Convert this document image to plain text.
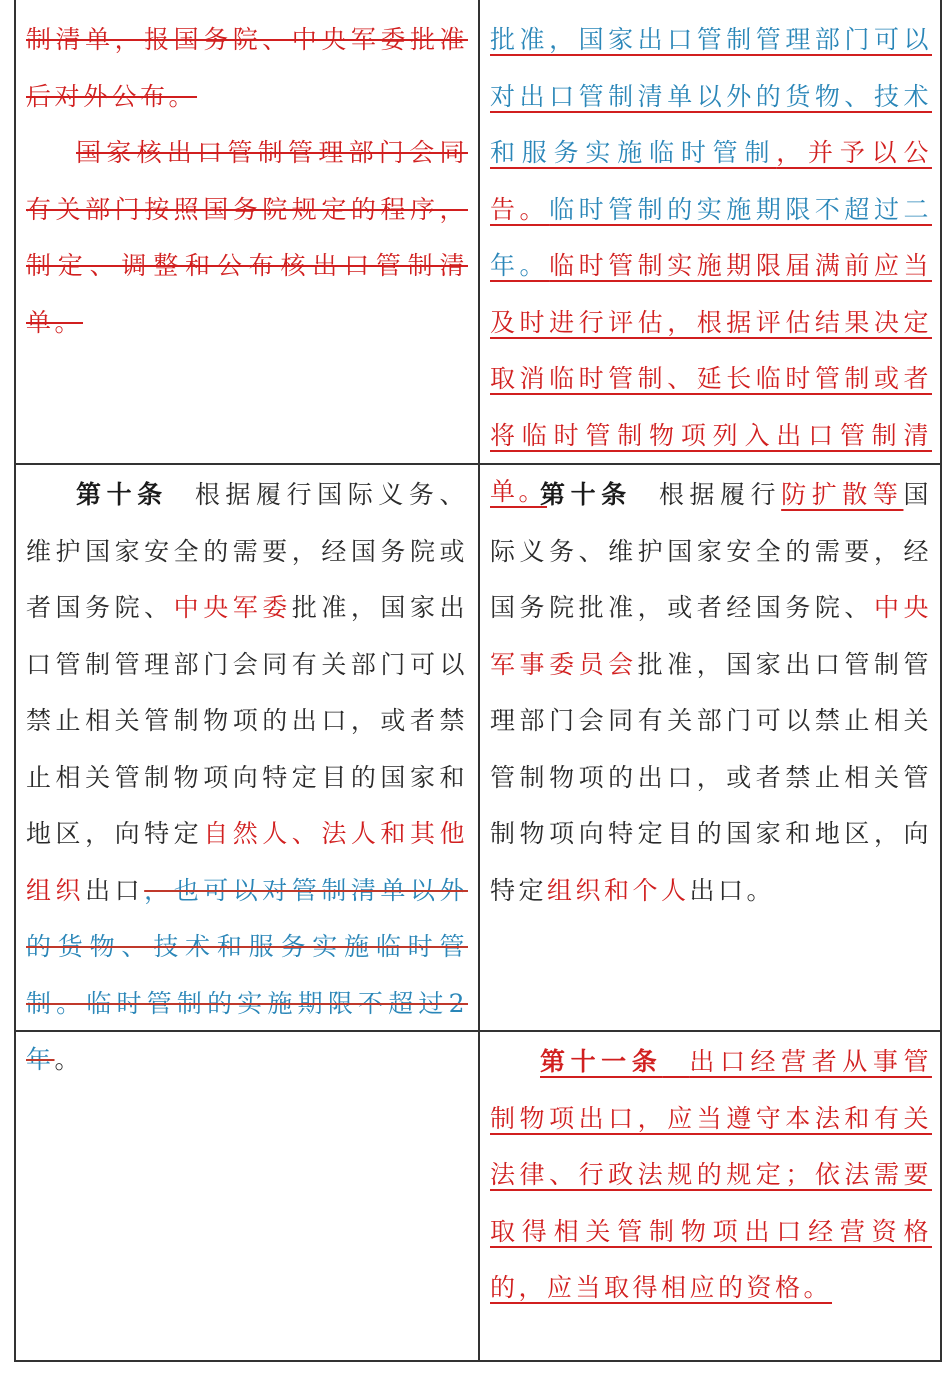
制清单，报国务院、中央军委批准后对外公布。

国家核出口管制管理部门会同有关部门按照国务院规定的程序，制定、调整和公布核出口管制清单。

批准，国家出口管制管理部门可以对出口管制清单以外的货物、技术和服务实施临时管制，并予以公告。临时管制的实施期限不超过二年。临时管制实施期限届满前应当及时进行评估，根据评估结果决定取消临时管制、延长临时管制或者将临时管制物项列入出口管制清单。

第十条 根据履行国际义务、维护国家安全的需要，经国务院或者国务院、中央军委批准，国家出口管制管理部门会同有关部门可以禁止相关管制物项的出口，或者禁止相关管制物项向特定目的国家和地区，向特定自然人、法人和其他组织出口，也可以对管制清单以外的货物、技术和服务实施临时管制。临时管制的实施期限不超过2年。

第十条 根据履行防扩散等国际义务、维护国家安全的需要，经国务院批准，或者经国务院、中央军事委员会批准，国家出口管制管理部门会同有关部门可以禁止相关管制物项的出口，或者禁止相关管制物项向特定目的国家和地区，向特定组织和个人出口。

第十一条 出口经营者从事管制物项出口，应当遵守本法和有关法律、行政法规的规定；依法需要取得相关管制物项出口经营资格的，应当取得相应的资格。
